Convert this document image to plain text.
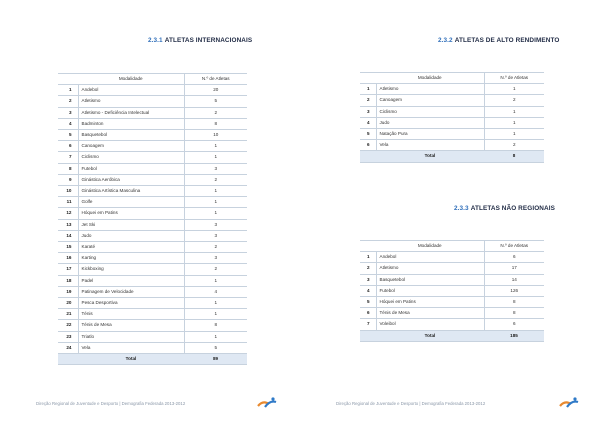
2.3.1 ATLETAS INTERNACIONAIS
	Modalidade	N.º de Atletas
1	Andebol	20
2	Atletismo	5
3	Atletismo - Deficiência Intelectual	2
4	Badminton	8
5	Basquetebol	10
6	Canoagem	1
7	Ciclismo	1
8	Futebol	3
9	Ginástica Aeróbica	2
10	Ginástica Artística Masculina	1
11	Golfe	1
12	Hóquei em Patins	1
13	Jet Ski	3
14	Judo	3
15	Karaté	2
16	Karting	3
17	Kickboxing	2
18	Padel	1
19	Patinagem de Velocidade	4
20	Pesca Desportiva	1
21	Ténis	1
22	Ténis de Mesa	8
23	Triatlo	1
24	Vela	5
	Total	89
Direção Regional de Juventude e Desporto | Demografia Federada 2013-2012
2.3.2 ATLETAS DE ALTO RENDIMENTO
	Modalidade	N.º de Atletas
1	Atletismo	1
2	Canoagem	2
3	Ciclismo	1
4	Judo	1
5	Natação Pura	1
6	Vela	2
	Total	8
2.3.3 ATLETAS NÃO REGIONAIS
	Modalidade	N.º de Atletas
1	Andebol	6
2	Atletismo	17
3	Basquetebol	14
4	Futebol	126
5	Hóquei em Patins	8
6	Ténis de Mesa	8
7	Voleibol	6
	Total	185
Direção Regional de Juventude e Desporto | Demografia Federada 2013-2012
